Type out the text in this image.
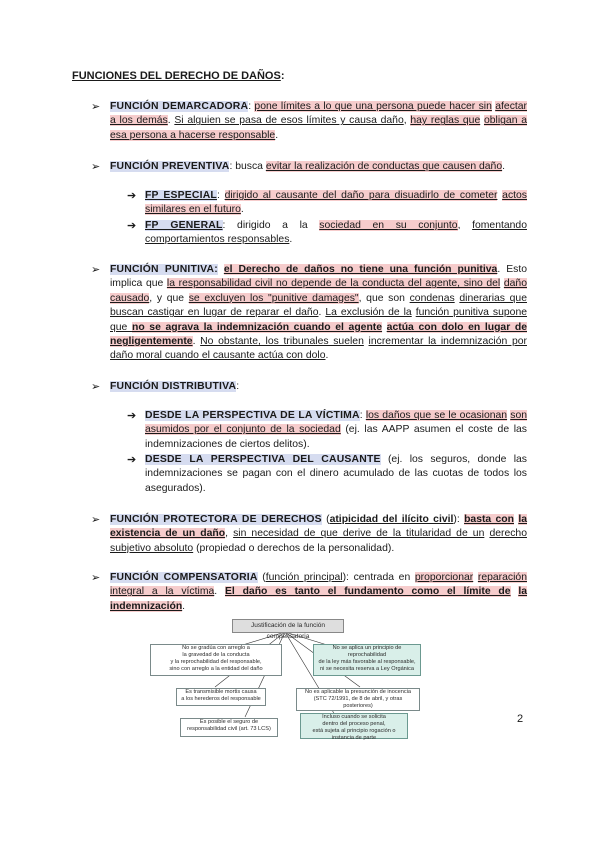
FUNCIONES DEL DERECHO DE DAÑOS:
➢ FUNCIÓN DEMARCADORA: pone límites a lo que una persona puede hacer sin afectar a los demás. Si alguien se pasa de esos límites y causa daño, hay reglas que obligan a esa persona a hacerse responsable.
➢ FUNCIÓN PREVENTIVA: busca evitar la realización de conductas que causen daño.
➔ FP ESPECIAL: dirigido al causante del daño para disuadirlo de cometer actos similares en el futuro.
➔ FP GENERAL: dirigido a la sociedad en su conjunto, fomentando comportamientos responsables.
➢ FUNCIÓN PUNITIVA: el Derecho de daños no tiene una función punitiva. Esto implica que la responsabilidad civil no depende de la conducta del agente, sino del daño causado, y que se excluyen los "punitive damages", que son condenas dinerarias que buscan castigar en lugar de reparar el daño. La exclusión de la función punitiva supone que no se agrava la indemnización cuando el agente actúa con dolo en lugar de negligentemente. No obstante, los tribunales suelen incrementar la indemnización por daño moral cuando el causante actúa con dolo.
➢ FUNCIÓN DISTRIBUTIVA:
➔ DESDE LA PERSPECTIVA DE LA VÍCTIMA: los daños que se le ocasionan son asumidos por el conjunto de la sociedad (ej. las AAPP asumen el coste de las indemnizaciones de ciertos delitos).
➔ DESDE LA PERSPECTIVA DEL CAUSANTE (ej. los seguros, donde las indemnizaciones se pagan con el dinero acumulado de las cuotas de todos los asegurados).
➢ FUNCIÓN PROTECTORA DE DERECHOS (atipicidad del ilícito civil): basta con la existencia de un daño, sin necesidad de que derive de la titularidad de un derecho subjetivo absoluto (propiedad o derechos de la personalidad).
➢ FUNCIÓN COMPENSATORIA (función principal): centrada en proporcionar reparación integral a la víctima. El daño es tanto el fundamento como el límite de la indemnización.
Justificación de la función compensatoria
No se gradúa con arreglo a
la gravedad de la conducta
y la reprochabilidad del responsable,
sino con arreglo a la entidad del daño
No se aplica un principio de
reprochabilidad
de la ley más favorable al responsable,
ni se necesita reserva a Ley Orgánica
Es transmisible mortis causa
a los herederos del responsable
No es aplicable la presunción de inocencia
(STC 72/1991, de 8 de abril, y otras
posteriores)
Es posible el seguro de
responsabilidad civil (art. 73 LCS)
Incluso cuando se solicita
dentro del proceso penal,
está sujeta al principio rogación o
instancia de parte
2
